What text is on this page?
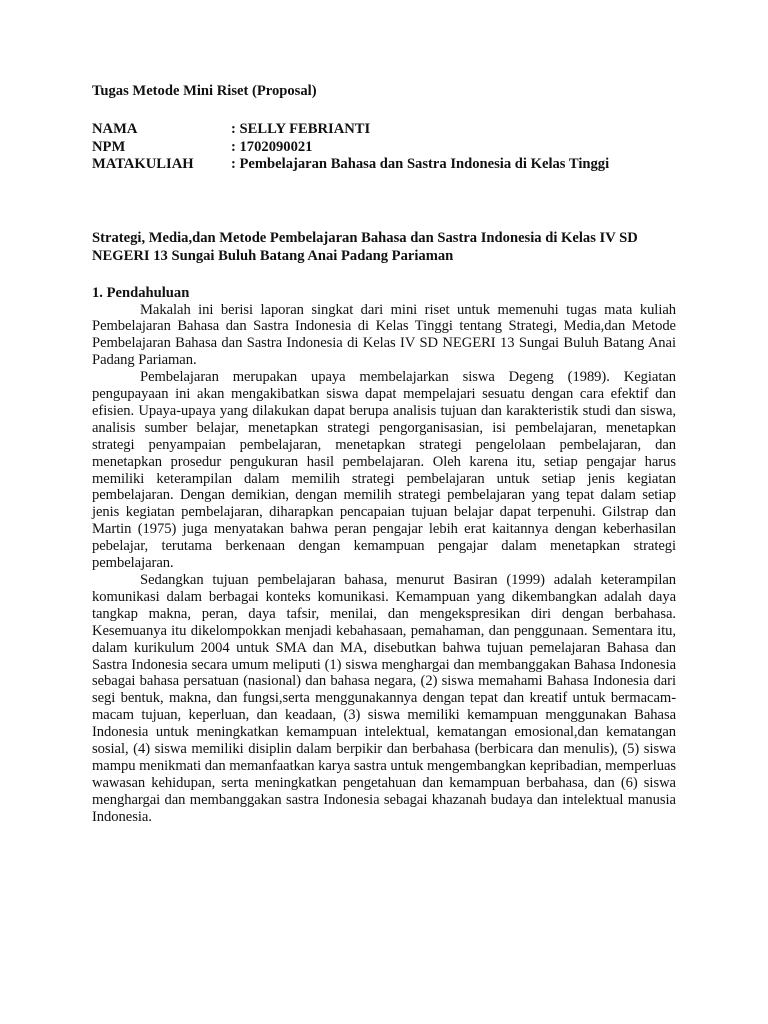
Tugas Metode Mini Riset (Proposal)

NAMA	: SELLY FEBRIANTI
NPM	: 1702090021
MATAKULIAH	: Pembelajaran Bahasa dan Sastra Indonesia di Kelas Tinggi
Strategi, Media,dan Metode Pembelajaran Bahasa dan Sastra Indonesia di Kelas IV SD NEGERI 13 Sungai Buluh Batang Anai Padang Pariaman
1. Pendahuluan

Makalah ini berisi laporan singkat dari mini riset untuk memenuhi tugas mata kuliah Pembelajaran Bahasa dan Sastra Indonesia di Kelas Tinggi tentang Strategi, Media,dan Metode Pembelajaran Bahasa dan Sastra Indonesia di Kelas IV SD NEGERI 13 Sungai Buluh Batang Anai Padang Pariaman.

Pembelajaran merupakan upaya membelajarkan siswa Degeng (1989). Kegiatan pengupayaan ini akan mengakibatkan siswa dapat mempelajari sesuatu dengan cara efektif dan efisien. Upaya-upaya yang dilakukan dapat berupa analisis tujuan dan karakteristik studi dan siswa, analisis sumber belajar, menetapkan strategi pengorganisasian, isi pembelajaran, menetapkan strategi penyampaian pembelajaran, menetapkan strategi pengelolaan pembelajaran, dan menetapkan prosedur pengukuran hasil pembelajaran. Oleh karena itu, setiap pengajar harus memiliki keterampilan dalam memilih strategi pembelajaran untuk setiap jenis kegiatan pembelajaran. Dengan demikian, dengan memilih strategi pembelajaran yang tepat dalam setiap jenis kegiatan pembelajaran, diharapkan pencapaian tujuan belajar dapat terpenuhi. Gilstrap dan Martin (1975) juga menyatakan bahwa peran pengajar lebih erat kaitannya dengan keberhasilan pebelajar, terutama berkenaan dengan kemampuan pengajar dalam menetapkan strategi pembelajaran.

Sedangkan tujuan pembelajaran bahasa, menurut Basiran (1999) adalah keterampilan komunikasi dalam berbagai konteks komunikasi. Kemampuan yang dikembangkan adalah daya tangkap makna, peran, daya tafsir, menilai, dan mengekspresikan diri dengan berbahasa. Kesemuanya itu dikelompokkan menjadi kebahasaan, pemahaman, dan penggunaan. Sementara itu, dalam kurikulum 2004 untuk SMA dan MA, disebutkan bahwa tujuan pemelajaran Bahasa dan Sastra Indonesia secara umum meliputi (1) siswa menghargai dan membanggakan Bahasa Indonesia sebagai bahasa persatuan (nasional) dan bahasa negara, (2) siswa memahami Bahasa Indonesia dari segi bentuk, makna, dan fungsi,serta menggunakannya dengan tepat dan kreatif untuk bermacam-macam tujuan, keperluan, dan keadaan, (3) siswa memiliki kemampuan menggunakan Bahasa Indonesia untuk meningkatkan kemampuan intelektual, kematangan emosional,dan kematangan sosial, (4) siswa memiliki disiplin dalam berpikir dan berbahasa (berbicara dan menulis), (5) siswa mampu menikmati dan memanfaatkan karya sastra untuk mengembangkan kepribadian, memperluas wawasan kehidupan, serta meningkatkan pengetahuan dan kemampuan berbahasa, dan (6) siswa menghargai dan membanggakan sastra Indonesia sebagai khazanah budaya dan intelektual manusia Indonesia.
